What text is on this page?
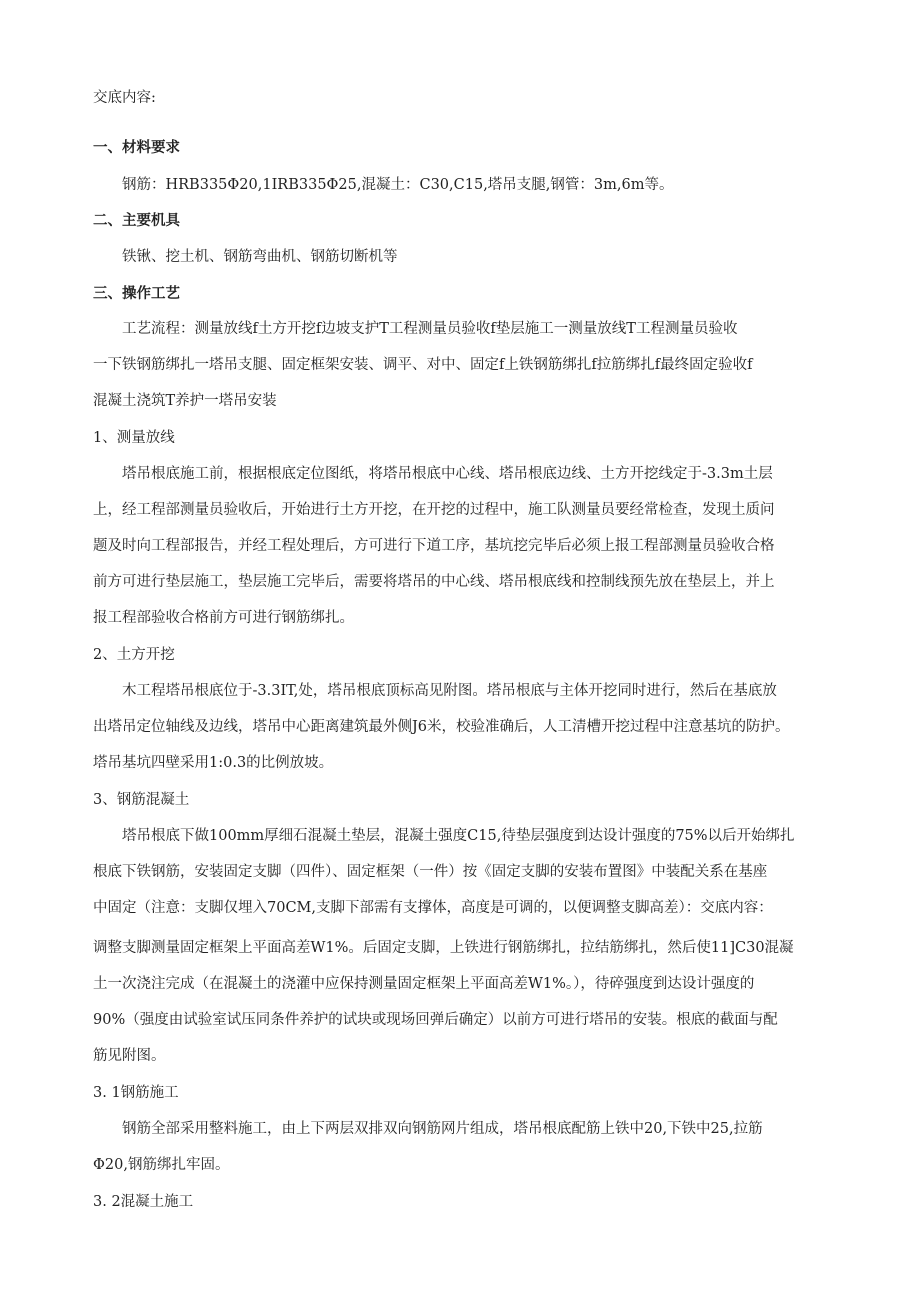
交底内容:
一、材料要求
钢筋：HRB335Φ20,1IRB335Φ25,混凝土：C30,C15,塔吊支腿,钢管：3m,6m等。
二、主要机具
铁锹、挖土机、钢筋弯曲机、钢筋切断机等
三、操作工艺
工艺流程：测量放线f土方开挖f边坡支护T工程测量员验收f垫层施工一测量放线T工程测量员验收
一下铁钢筋绑扎一塔吊支腿、固定框架安装、调平、对中、固定f上铁钢筋绑扎f拉筋绑扎f最终固定验收f
混凝土浇筑T养护一塔吊安装
1、测量放线
塔吊根底施工前，根据根底定位图纸，将塔吊根底中心线、塔吊根底边线、土方开挖线定于-3.3m土层
上，经工程部测量员验收后，开始进行土方开挖，在开挖的过程中，施工队测量员要经常检查，发现土质问
题及时向工程部报告，并经工程处理后，方可进行下道工序，基坑挖完毕后必须上报工程部测量员验收合格
前方可进行垫层施工，垫层施工完毕后，需要将塔吊的中心线、塔吊根底线和控制线预先放在垫层上，并上
报工程部验收合格前方可进行钢筋绑扎。
2、土方开挖
木工程塔吊根底位于-3.3IT,处，塔吊根底顶标高见附图。塔吊根底与主体开挖同时进行，然后在基底放
出塔吊定位轴线及边线，塔吊中心距离建筑最外侧J6米，校验准确后，人工清槽开挖过程中注意基坑的防护。
塔吊基坑四壁采用1:0.3的比例放坡。
3、钢筋混凝土
塔吊根底下做100mm厚细石混凝土垫层，混凝土强度C15,待垫层强度到达设计强度的75%以后开始绑扎
根底下铁钢筋，安装固定支脚（四件）、固定框架（一件）按《固定支脚的安装布置图》中装配关系在基座
中固定（注意：支脚仅埋入70CM,支脚下部需有支撑体，高度是可调的，以便调整支脚高差）：交底内容：
调整支脚测量固定框架上平面高差W1%。后固定支脚，上铁进行钢筋绑扎，拉结筋绑扎，然后使11]C30混凝
土一次浇注完成（在混凝土的浇灌中应保持测量固定框架上平面高差W1%。），待碎强度到达设计强度的
90%（强度由试验室试压同条件养护的试块或现场回弹后确定）以前方可进行塔吊的安装。根底的截面与配
筋见附图。
3. 1钢筋施工
钢筋全部采用整料施工，由上下两层双排双向钢筋网片组成，塔吊根底配筋上铁中20,下铁中25,拉筋
Φ20,钢筋绑扎牢固。
3. 2混凝土施工
